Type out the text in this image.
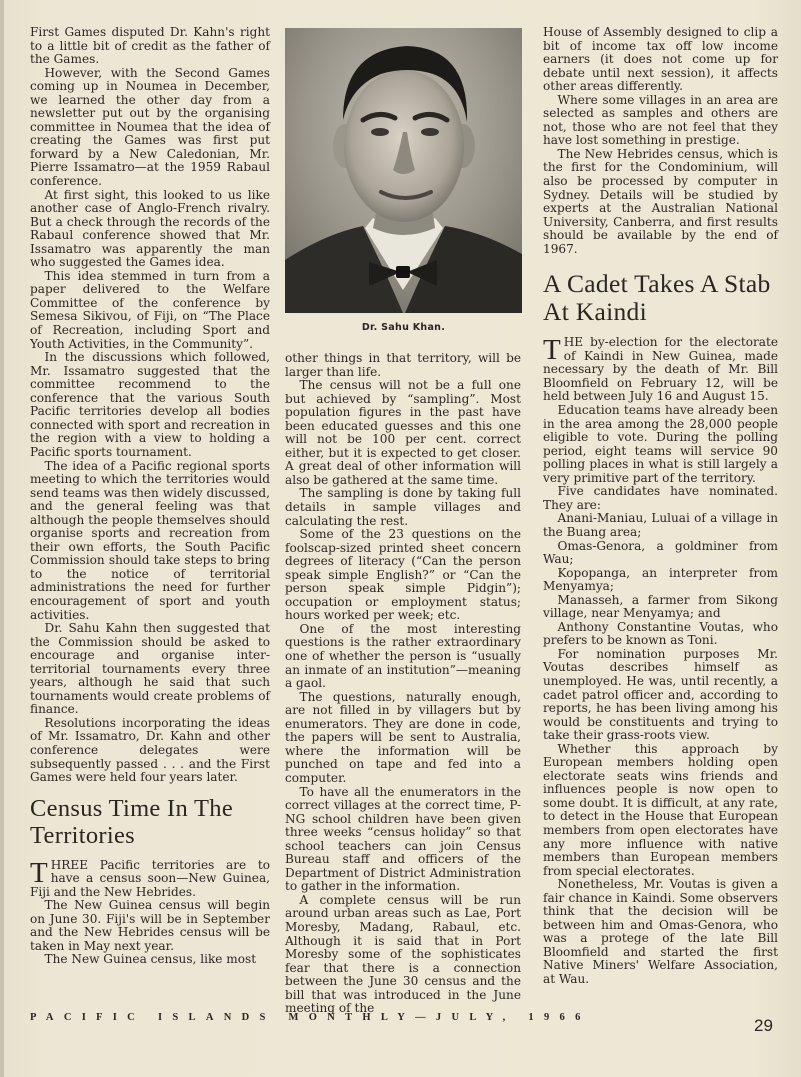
First Games disputed Dr. Kahn's right to a little bit of credit as the father of the Games.

However, with the Second Games coming up in Noumea in December, we learned the other day from a newsletter put out by the organising committee in Noumea that the idea of creating the Games was first put forward by a New Caledonian, Mr. Pierre Issamatro—at the 1959 Rabaul conference.

At first sight, this looked to us like another case of Anglo-French rivalry. But a check through the records of the Rabaul conference showed that Mr. Issamatro was apparently the man who suggested the Games idea.

This idea stemmed in turn from a paper delivered to the Welfare Committee of the conference by Semesa Sikivou, of Fiji, on “The Place of Recreation, including Sport and Youth Activities, in the Community”.

In the discussions which followed, Mr. Issamatro suggested that the committee recommend to the conference that the various South Pacific territories develop all bodies connected with sport and recreation in the region with a view to holding a Pacific sports tournament.

The idea of a Pacific regional sports meeting to which the territories would send teams was then widely discussed, and the general feeling was that although the people themselves should organise sports and recreation from their own efforts, the South Pacific Commission should take steps to bring to the notice of territorial administrations the need for further encouragement of sport and youth activities.

Dr. Sahu Kahn then suggested that the Commission should be asked to encourage and organise inter-territorial tournaments every three years, although he said that such tournaments would create problems of finance.

Resolutions incorporating the ideas of Mr. Issamatro, Dr. Kahn and other conference delegates were subsequently passed . . . and the First Games were held four years later.

Census Time In The Territories

THREE Pacific territories are to have a census soon—New Guinea, Fiji and the New Hebrides.

The New Guinea census will begin on June 30. Fiji's will be in September and the New Hebrides census will be taken in May next year.

The New Guinea census, like most

Dr. Sahu Khan.

other things in that territory, will be larger than life.

The census will not be a full one but achieved by “sampling”. Most population figures in the past have been educated guesses and this one will not be 100 per cent. correct either, but it is expected to get closer. A great deal of other information will also be gathered at the same time.

The sampling is done by taking full details in sample villages and calculating the rest.

Some of the 23 questions on the foolscap-sized printed sheet concern degrees of literacy (“Can the person speak simple English?” or “Can the person speak simple Pidgin”); occupation or employment status; hours worked per week; etc.

One of the most interesting questions is the rather extraordinary one of whether the person is “usually an inmate of an institution”—meaning a gaol.

The questions, naturally enough, are not filled in by villagers but by enumerators. They are done in code, the papers will be sent to Australia, where the information will be punched on tape and fed into a computer.

To have all the enumerators in the correct villages at the correct time, P-NG school children have been given three weeks “census holiday” so that school teachers can join Census Bureau staff and officers of the Department of District Administration to gather in the information.

A complete census will be run around urban areas such as Lae, Port Moresby, Madang, Rabaul, etc. Although it is said that in Port Moresby some of the sophisticates fear that there is a connection between the June 30 census and the bill that was introduced in the June meeting of the

House of Assembly designed to clip a bit of income tax off low income earners (it does not come up for debate until next session), it affects other areas differently.

Where some villages in an area are selected as samples and others are not, those who are not feel that they have lost something in prestige.

The New Hebrides census, which is the first for the Condominium, will also be processed by computer in Sydney. Details will be studied by experts at the Australian National University, Canberra, and first results should be available by the end of 1967.

A Cadet Takes A Stab At Kaindi

THE by-election for the electorate of Kaindi in New Guinea, made necessary by the death of Mr. Bill Bloomfield on February 12, will be held between July 16 and August 15.

Education teams have already been in the area among the 28,000 people eligible to vote. During the polling period, eight teams will service 90 polling places in what is still largely a very primitive part of the territory.

Five candidates have nominated. They are:

Anani-Maniau, Luluai of a village in the Buang area;

Omas-Genora, a goldminer from Wau;

Kopopanga, an interpreter from Menyamya;

Manasseh, a farmer from Sikong village, near Menyamya; and

Anthony Constantine Voutas, who prefers to be known as Toni.

For nomination purposes Mr. Voutas describes himself as unemployed. He was, until recently, a cadet patrol officer and, according to reports, he has been living among his would be constituents and trying to take their grass-roots view.

Whether this approach by European members holding open electorate seats wins friends and influences people is now open to some doubt. It is difficult, at any rate, to detect in the House that European members from open electorates have any more influence with native members than European members from special electorates.

Nonetheless, Mr. Voutas is given a fair chance in Kaindi. Some observers think that the decision will be between him and Omas-Genora, who was a protege of the late Bill Bloomfield and started the first Native Miners' Welfare Association, at Wau.

PACIFIC ISLANDS MONTHLY—JULY, 1966	29
